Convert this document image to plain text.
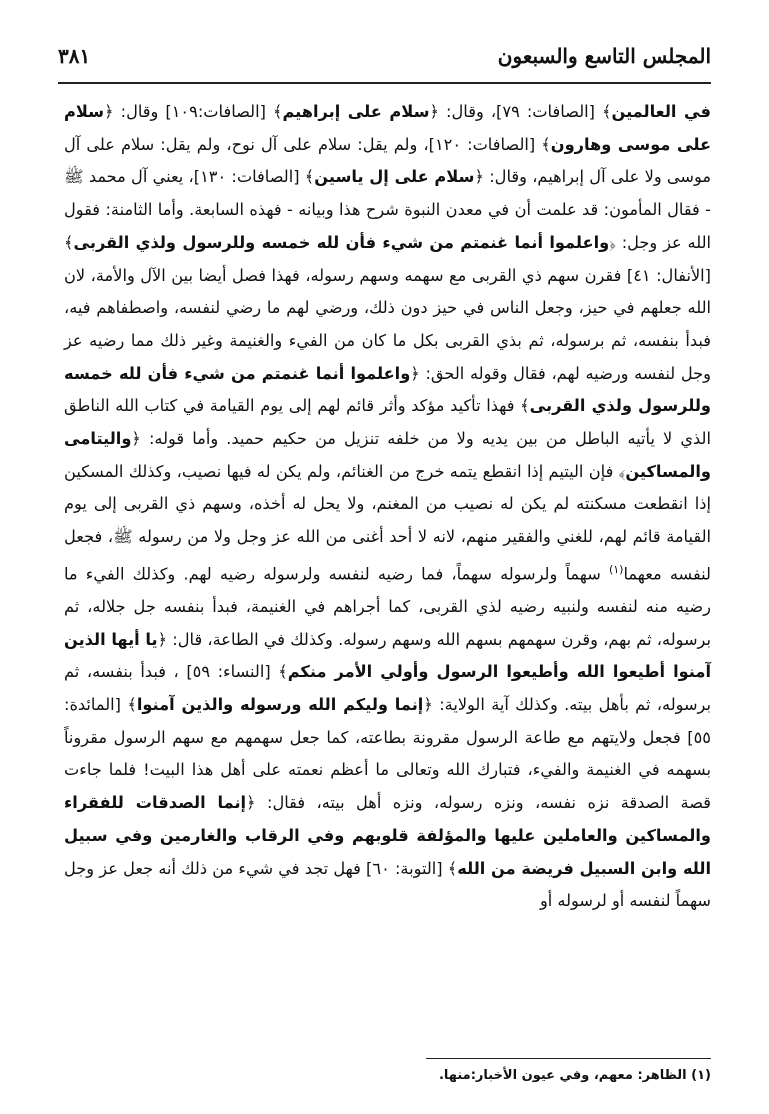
المجلس التاسع والسبعون
٣٨١

في العالمين﴾ [الصافات: ٧٩]، وقال: ﴿سلام على إبراهيم﴾ [الصافات:١٠٩] وقال: ﴿سلام على موسى وهارون﴾ [الصافات: ١٢٠]، ولم يقل: سلام على آل نوح، ولم يقل: سلام على آل موسى ولا على آل إبراهيم، وقال: ﴿سلام على إل ياسين﴾ [الصافات: ١٣٠]، يعني آل محمد ﷺ - فقال المأمون: قد علمت أن في معدن النبوة شرح هذا وبيانه - فهذه السابعة. وأما الثامنة: فقول الله عز وجل: ﴿واعلموا أنما غنمتم من شيء فأن لله خمسه وللرسول ولذي القربى﴾ [الأنفال: ٤١] فقرن سهم ذي القربى مع سهمه وسهم رسوله، فهذا فصل أيضا بين الآل والأمة، لان الله جعلهم في حيز، وجعل الناس في حيز دون ذلك، ورضي لهم ما رضي لنفسه، واصطفاهم فيه، فبدأ بنفسه، ثم برسوله، ثم بذي القربى بكل ما كان من الفيء والغنيمة وغير ذلك مما رضيه عز وجل لنفسه ورضيه لهم، فقال وقوله الحق: ﴿واعلموا أنما غنمتم من شيء فأن لله خمسه وللرسول ولذي القربى﴾ فهذا تأكيد مؤكد وأثر قائم لهم إلى يوم القيامة في كتاب الله الناطق الذي لا يأتيه الباطل من بين يديه ولا من خلفه تنزيل من حكيم حميد. وأما قوله: ﴿واليتامى والمساكين﴾ فإن اليتيم إذا انقطع يتمه خرج من الغنائم، ولم يكن له فيها نصيب، وكذلك المسكين إذا انقطعت مسكنته لم يكن له نصيب من المغنم، ولا يحل له أخذه، وسهم ذي القربى إلى يوم القيامة قائم لهم، للغني والفقير منهم، لانه لا أحد أغنى من الله عز وجل ولا من رسوله ﷺ، فجعل لنفسه معهما$^{(١)}$ سهماً ولرسوله سهماً، فما رضيه لنفسه ولرسوله رضيه لهم. وكذلك الفيء ما رضيه منه لنفسه ولنبيه رضيه لذي القربى، كما أجراهم في الغنيمة، فبدأ بنفسه جل جلاله، ثم برسوله، ثم بهم، وقرن سهمهم بسهم الله وسهم رسوله. وكذلك في الطاعة، قال: ﴿يا أيها الذين آمنوا أطيعوا الله وأطيعوا الرسول وأولي الأمر منكم﴾ [النساء: ٥٩] ، فبدأ بنفسه، ثم برسوله، ثم بأهل بيته. وكذلك آية الولاية: ﴿إنما وليكم الله ورسوله والذين آمنوا﴾ [المائدة: ٥٥] فجعل ولايتهم مع طاعة الرسول مقرونة بطاعته، كما جعل سهمهم مع سهم الرسول مقروناً بسهمه في الغنيمة والفيء، فتبارك الله وتعالى ما أعظم نعمته على أهل هذا البيت! فلما جاءت قصة الصدقة نزه نفسه، ونزه رسوله، ونزه أهل بيته، فقال: ﴿إنما الصدقات للفقراء والمساكين والعاملين عليها والمؤلفة قلوبهم وفي الرقاب والغارمين وفي سبيل الله وابن السبيل فريضة من الله﴾ [التوبة: ٦٠] فهل تجد في شيء من ذلك أنه جعل عز وجل سهماً لنفسه أو لرسوله أو

(١) الظاهر: معهم، وفي عيون الأخبار:منها.
